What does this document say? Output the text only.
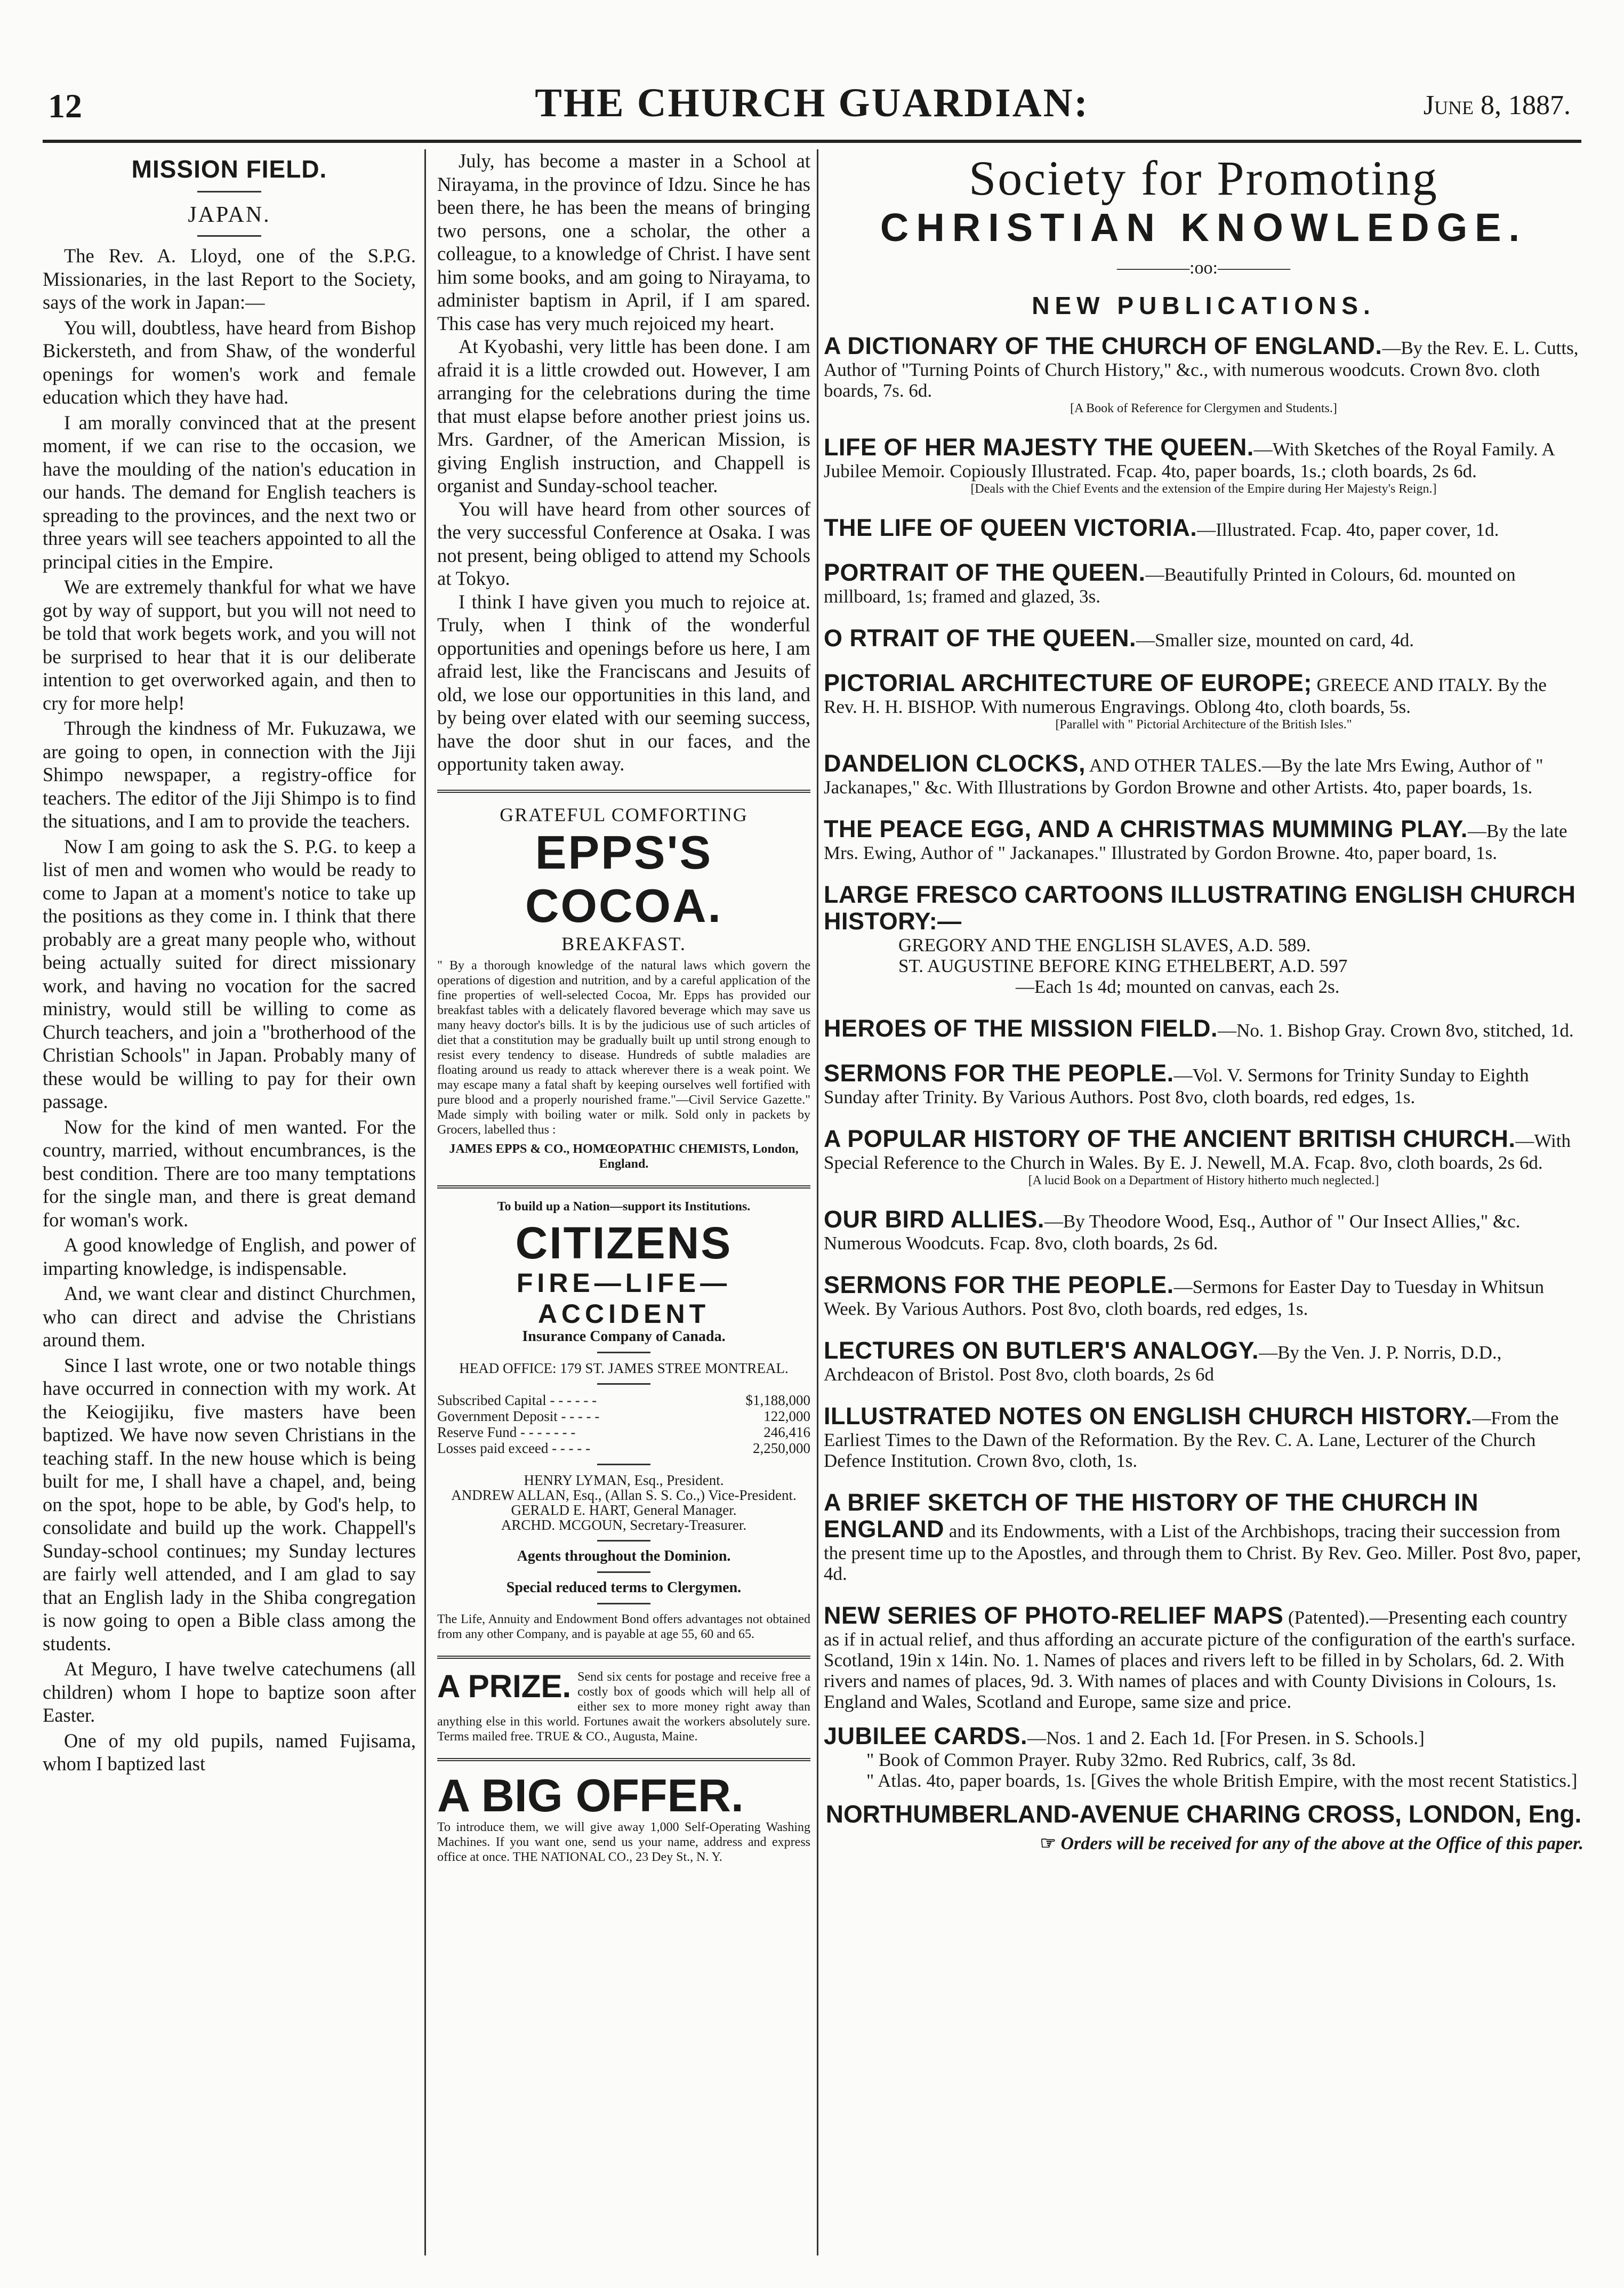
12	THE CHURCH GUARDIAN:	June 8, 1887.
MISSION FIELD.
JAPAN.

The Rev. A. Lloyd, one of the S.P.G. Missionaries, in the last Report to the Society, says of the work in Japan:—

You will, doubtless, have heard from Bishop Bickersteth, and from Shaw, of the wonderful openings for women's work and female education which they have had.

I am morally convinced that at the present moment, if we can rise to the occasion, we have the moulding of the nation's education in our hands. The demand for English teachers is spreading to the provinces, and the next two or three years will see teachers appointed to all the principal cities in the Empire.

We are extremely thankful for what we have got by way of support, but you will not need to be told that work begets work, and you will not be surprised to hear that it is our deliberate intention to get overworked again, and then to cry for more help!

Through the kindness of Mr. Fukuzawa, we are going to open, in connection with the Jiji Shimpo newspaper, a registry-office for teachers. The editor of the Jiji Shimpo is to find the situations, and I am to provide the teachers.

Now I am going to ask the S. P.G. to keep a list of men and women who would be ready to come to Japan at a moment's notice to take up the positions as they come in. I think that there probably are a great many people who, without being actually suited for direct missionary work, and having no vocation for the sacred ministry, would still be willing to come as Church teachers, and join a "brotherhood of the Christian Schools" in Japan. Probably many of these would be willing to pay for their own passage.

Now for the kind of men wanted. For the country, married, without encumbrances, is the best condition. There are too many temptations for the single man, and there is great demand for woman's work.

A good knowledge of English, and power of imparting knowledge, is indispensable.

And, we want clear and distinct Churchmen, who can direct and advise the Christians around them.

Since I last wrote, one or two notable things have occurred in connection with my work. At the Keiogijiku, five masters have been baptized. We have now seven Christians in the teaching staff. In the new house which is being built for me, I shall have a chapel, and, being on the spot, hope to be able, by God's help, to consolidate and build up the work. Chappell's Sunday-school continues; my Sunday lectures are fairly well attended, and I am glad to say that an English lady in the Shiba congregation is now going to open a Bible class among the students.

At Meguro, I have twelve catechumens (all children) whom I hope to baptize soon after Easter.

One of my old pupils, named Fujisama, whom I baptized last

July, has become a master in a School at Nirayama, in the province of Idzu. Since he has been there, he has been the means of bringing two persons, one a scholar, the other a colleague, to a knowledge of Christ. I have sent him some books, and am going to Nirayama, to administer baptism in April, if I am spared. This case has very much rejoiced my heart.

At Kyobashi, very little has been done. I am afraid it is a little crowded out. However, I am arranging for the celebrations during the time that must elapse before another priest joins us. Mrs. Gardner, of the American Mission, is giving English instruction, and Chappell is organist and Sunday-school teacher.

You will have heard from other sources of the very successful Conference at Osaka. I was not present, being obliged to attend my Schools at Tokyo.

I think I have given you much to rejoice at. Truly, when I think of the wonderful opportunities and openings before us here, I am afraid lest, like the Franciscans and Jesuits of old, we lose our opportunities in this land, and by being over elated with our seeming success, have the door shut in our faces, and the opportunity taken away.

GRATEFUL COMFORTING
EPPS'S COCOA.
BREAKFAST.

" By a thorough knowledge of the natural laws which govern the operations of digestion and nutrition, and by a careful application of the fine properties of well-selected Cocoa, Mr. Epps has provided our breakfast tables with a delicately flavored beverage which may save us many heavy doctor's bills. It is by the judicious use of such articles of diet that a constitution may be gradually built up until strong enough to resist every tendency to disease. Hundreds of subtle maladies are floating around us ready to attack wherever there is a weak point. We may escape many a fatal shaft by keeping ourselves well fortified with pure blood and a properly nourished frame."—Civil Service Gazette." Made simply with boiling water or milk. Sold only in packets by Grocers, labelled thus :

JAMES EPPS & CO., HOMŒOPATHIC CHEMISTS, London, England.

To build up a Nation—support its Institutions.

CITIZENS
FIRE—LIFE—ACCIDENT

Insurance Company of Canada.

HEAD OFFICE: 179 ST. JAMES STREE MONTREAL.

Subscribed Capital - - - - - -	$1,188,000
Government Deposit - - - - -	122,000
Reserve Fund - - - - - - -	246,416
Losses paid exceed - - - - -	2,250,000

HENRY LYMAN, Esq., President.

ANDREW ALLAN, Esq., (Allan S. S. Co.,) Vice-President.

GERALD E. HART, General Manager.

ARCHD. MCGOUN, Secretary-Treasurer.

Agents throughout the Dominion.

Special reduced terms to Clergymen.

The Life, Annuity and Endowment Bond offers advantages not obtained from any other Company, and is payable at age 55, 60 and 65.

A PRIZE. Send six cents for postage and receive free a costly box of goods which will help all of either sex to more money right away than anything else in this world. Fortunes await the workers absolutely sure. Terms mailed free. TRUE & CO., Augusta, Maine.

A BIG OFFER.

To introduce them, we will give away 1,000 Self-Operating Washing Machines. If you want one, send us your name, address and express office at once. THE NATIONAL CO., 23 Dey St., N. Y.

Society for Promoting
CHRISTIAN KNOWLEDGE.
————:oo:————
NEW PUBLICATIONS.
A DICTIONARY OF THE CHURCH OF ENGLAND.—By the Rev. E. L. Cutts, Author of "Turning Points of Church History," &c., with numerous woodcuts. Crown 8vo. cloth boards, 7s. 6d.
[A Book of Reference for Clergymen and Students.]
LIFE OF HER MAJESTY THE QUEEN.—With Sketches of the Royal Family. A Jubilee Memoir. Copiously Illustrated. Fcap. 4to, paper boards, 1s.; cloth boards, 2s 6d.
[Deals with the Chief Events and the extension of the Empire during Her Majesty's Reign.]
THE LIFE OF QUEEN VICTORIA.—Illustrated. Fcap. 4to, paper cover, 1d.
PORTRAIT OF THE QUEEN.—Beautifully Printed in Colours, 6d. mounted on millboard, 1s; framed and glazed, 3s.
O RTRAIT OF THE QUEEN.—Smaller size, mounted on card, 4d.
PICTORIAL ARCHITECTURE OF EUROPE; GREECE AND ITALY. By the Rev. H. H. BISHOP. With numerous Engravings. Oblong 4to, cloth boards, 5s.
[Parallel with " Pictorial Architecture of the British Isles."
DANDELION CLOCKS, AND OTHER TALES.—By the late Mrs Ewing, Author of " Jackanapes," &c. With Illustrations by Gordon Browne and other Artists. 4to, paper boards, 1s.
THE PEACE EGG, AND A CHRISTMAS MUMMING PLAY.—By the late Mrs. Ewing, Author of " Jackanapes." Illustrated by Gordon Browne. 4to, paper board, 1s.
LARGE FRESCO CARTOONS ILLUSTRATING ENGLISH CHURCH HISTORY:—
GREGORY AND THE ENGLISH SLAVES, A.D. 589.
ST. AUGUSTINE BEFORE KING ETHELBERT, A.D. 597
—Each 1s 4d; mounted on canvas, each 2s.
HEROES OF THE MISSION FIELD.—No. 1. Bishop Gray. Crown 8vo, stitched, 1d.
SERMONS FOR THE PEOPLE.—Vol. V. Sermons for Trinity Sunday to Eighth Sunday after Trinity. By Various Authors. Post 8vo, cloth boards, red edges, 1s.
A POPULAR HISTORY OF THE ANCIENT BRITISH CHURCH.—With Special Reference to the Church in Wales. By E. J. Newell, M.A. Fcap. 8vo, cloth boards, 2s 6d.
[A lucid Book on a Department of History hitherto much neglected.]
OUR BIRD ALLIES.—By Theodore Wood, Esq., Author of " Our Insect Allies," &c. Numerous Woodcuts. Fcap. 8vo, cloth boards, 2s 6d.
SERMONS FOR THE PEOPLE.—Sermons for Easter Day to Tuesday in Whitsun Week. By Various Authors. Post 8vo, cloth boards, red edges, 1s.
LECTURES ON BUTLER'S ANALOGY.—By the Ven. J. P. Norris, D.D., Archdeacon of Bristol. Post 8vo, cloth boards, 2s 6d
ILLUSTRATED NOTES ON ENGLISH CHURCH HISTORY.—From the Earliest Times to the Dawn of the Reformation. By the Rev. C. A. Lane, Lecturer of the Church Defence Institution. Crown 8vo, cloth, 1s.
A BRIEF SKETCH OF THE HISTORY OF THE CHURCH IN ENGLAND and its Endowments, with a List of the Archbishops, tracing their succession from the present time up to the Apostles, and through them to Christ. By Rev. Geo. Miller. Post 8vo, paper, 4d.
NEW SERIES OF PHOTO-RELIEF MAPS (Patented).—Presenting each country as if in actual relief, and thus affording an accurate picture of the configuration of the earth's surface. Scotland, 19in x 14in. No. 1. Names of places and rivers left to be filled in by Scholars, 6d. 2. With rivers and names of places, 9d. 3. With names of places and with County Divisions in Colours, 1s. England and Wales, Scotland and Europe, same size and price.
JUBILEE CARDS.—Nos. 1 and 2. Each 1d. [For Presen. in S. Schools.]
" Book of Common Prayer. Ruby 32mo. Red Rubrics, calf, 3s 8d.
" Atlas. 4to, paper boards, 1s. [Gives the whole British Empire, with the most recent Statistics.]
NORTHUMBERLAND-AVENUE CHARING CROSS, LONDON, Eng.
☞ Orders will be received for any of the above at the Office of this paper.
